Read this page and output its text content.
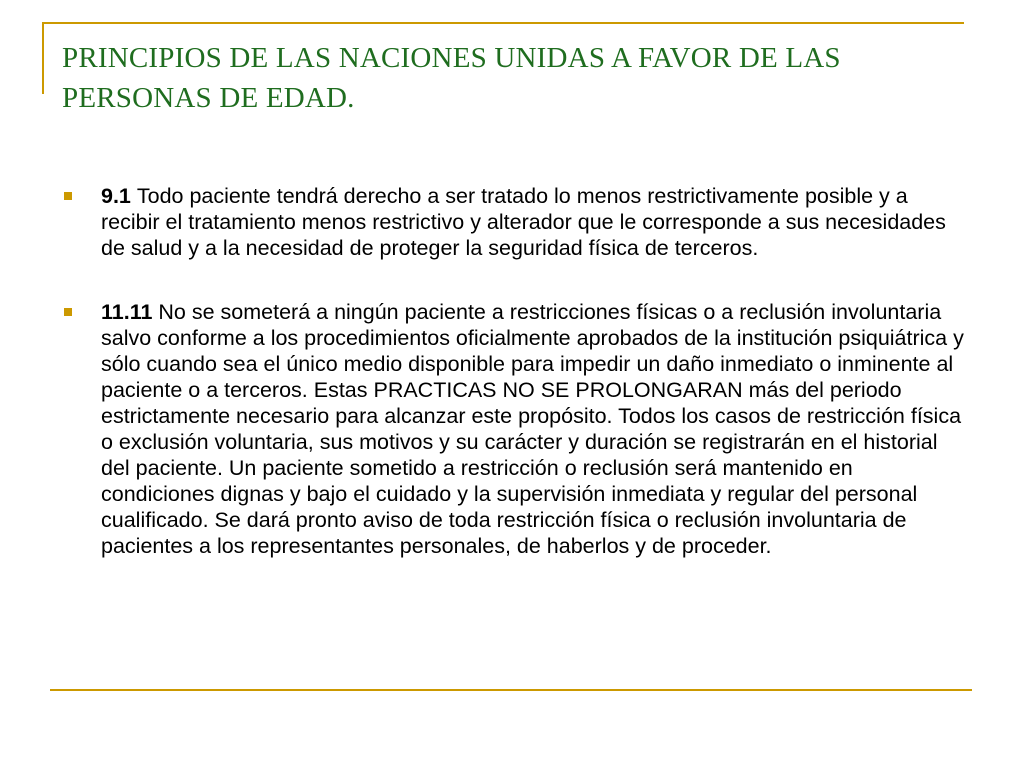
PRINCIPIOS DE LAS NACIONES UNIDAS A FAVOR DE LAS PERSONAS DE EDAD.
9.1 Todo paciente tendrá derecho a ser tratado lo menos restrictivamente posible y a recibir el tratamiento menos restrictivo y alterador que le corresponde a sus necesidades de salud y a la necesidad de proteger la seguridad física de terceros.
11.11 No se someterá a ningún paciente a restricciones físicas o a reclusión involuntaria salvo conforme a los procedimientos oficialmente aprobados de la institución psiquiátrica y sólo cuando sea el único medio disponible para impedir un daño inmediato o inminente al paciente o a terceros. Estas PRACTICAS NO SE PROLONGARAN más del periodo estrictamente necesario para alcanzar este propósito. Todos los casos de restricción física o exclusión voluntaria, sus motivos y su carácter y duración se registrarán en el historial del paciente. Un paciente sometido a restricción o reclusión será mantenido en condiciones dignas y bajo el cuidado y la supervisión inmediata y regular del personal cualificado. Se dará pronto aviso de toda restricción física o reclusión involuntaria de pacientes a los representantes personales, de haberlos y de proceder.
